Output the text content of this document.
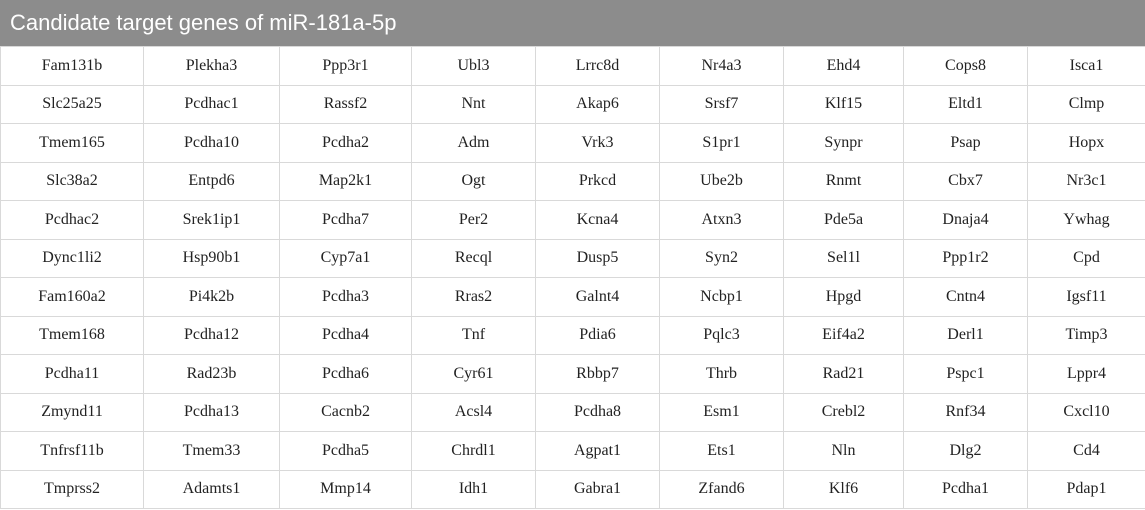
Candidate target genes of miR-181a-5p
Fam131b	Plekha3	Ppp3r1	Ubl3	Lrrc8d	Nr4a3	Ehd4	Cops8	Isca1
Slc25a25	Pcdhac1	Rassf2	Nnt	Akap6	Srsf7	Klf15	Eltd1	Clmp
Tmem165	Pcdha10	Pcdha2	Adm	Vrk3	S1pr1	Synpr	Psap	Hopx
Slc38a2	Entpd6	Map2k1	Ogt	Prkcd	Ube2b	Rnmt	Cbx7	Nr3c1
Pcdhac2	Srek1ip1	Pcdha7	Per2	Kcna4	Atxn3	Pde5a	Dnaja4	Ywhag
Dync1li2	Hsp90b1	Cyp7a1	Recql	Dusp5	Syn2	Sel1l	Ppp1r2	Cpd
Fam160a2	Pi4k2b	Pcdha3	Rras2	Galnt4	Ncbp1	Hpgd	Cntn4	Igsf11
Tmem168	Pcdha12	Pcdha4	Tnf	Pdia6	Pqlc3	Eif4a2	Derl1	Timp3
Pcdha11	Rad23b	Pcdha6	Cyr61	Rbbp7	Thrb	Rad21	Pspc1	Lppr4
Zmynd11	Pcdha13	Cacnb2	Acsl4	Pcdha8	Esm1	Crebl2	Rnf34	Cxcl10
Tnfrsf11b	Tmem33	Pcdha5	Chrdl1	Agpat1	Ets1	Nln	Dlg2	Cd4
Tmprss2	Adamts1	Mmp14	Idh1	Gabra1	Zfand6	Klf6	Pcdha1	Pdap1
